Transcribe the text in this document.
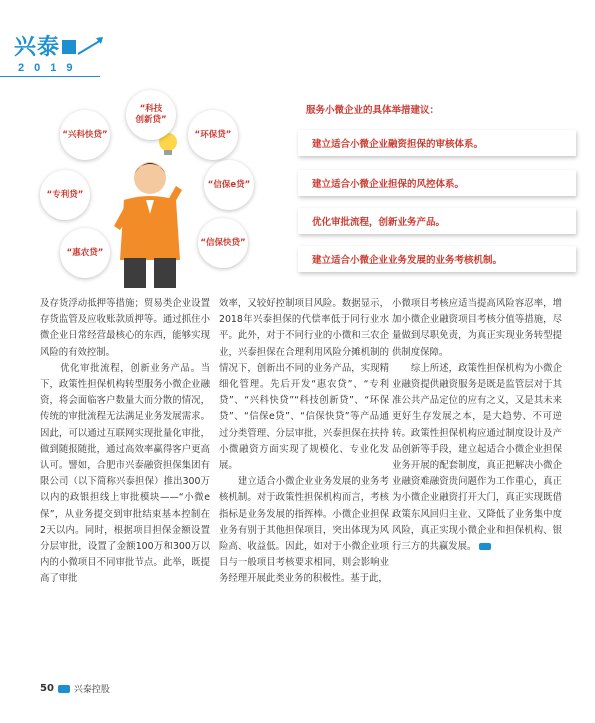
兴泰
2019
“科技
创新贷”
“兴科快贷”	“环保贷”
“专利贷”
“信保e贷”
“惠农贷”
“信保快贷”
服务小微企业的具体举措建议：
建立适合小微企业融资担保的审核体系。
建立适合小微企业担保的风控体系。
优化审批流程，创新业务产品。
建立适合小微企业业务发展的业务考核机制。

及存货浮动抵押等措施；贸易类企业设置存货监管及应收账款质押等。通过抓住小微企业日常经营最核心的东西，能够实现风险的有效控制。

　　优化审批流程，创新业务产品。当下，政策性担保机构转型服务小微企业融资，将会面临客户数量大而分散的情况，传统的审批流程无法满足业务发展需求。因此，可以通过互联网实现批量化审批，做到随报随批，通过高效率赢得客户更高认可。譬如，合肥市兴泰融资担保集团有限公司（以下简称兴泰担保）推出300万以内的政银担线上审批模块——“小微e保”，从业务提交到审批结束基本控制在2天以内。同时，根据项目担保金额设置分层审批，设置了金额100万和300万以内的小微项目不同审批节点。此举，既提高了审批

效率，又较好控制项目风险。数据显示，2018年兴泰担保的代偿率低于同行业水平。此外，对于不同行业的小微和三农企业，兴泰担保在合理利用风险分摊机制的情况下，创新出不同的业务产品，实现精细化管理。先后开发“惠农贷”、“专利贷”、“兴科快贷”“科技创新贷”、“环保贷”、“信保e贷”、“信保快贷”等产品通过分类管理、分层审批，兴泰担保在扶持小微融资方面实现了规模化、专业化发展。

　　建立适合小微企业业务发展的业务考核机制。对于政策性担保机构而言，考核指标是业务发展的指挥棒。小微企业担保业务有别于其他担保项目，突出体现为风险高、收益低。因此，如对于小微企业项目与一般项目考核要求相同，则会影响业务经理开展此类业务的积极性。基于此，

小微项目考核应适当提高风险容忍率，增加小微企业融资项目考核分值等措施，尽量做到尽职免责，为真正实现业务转型提供制度保障。

　　综上所述，政策性担保机构为小微企业融资提供融资服务是既是监管层对于其准公共产品定位的应有之义，又是其未来更好生存发展之本，是大趋势、不可逆转。政策性担保机构应通过制度设计及产品创新等手段，建立起适合小微企业担保业务开展的配套制度，真正把解决小微企业融资难融资贵问题作为工作重心，真正为小微企业融资打开大门，真正实现既借政策东风回归主业、又降低了业务集中度风险，真正实现小微企业和担保机构、银行三方的共赢发展。

50 兴泰控股
